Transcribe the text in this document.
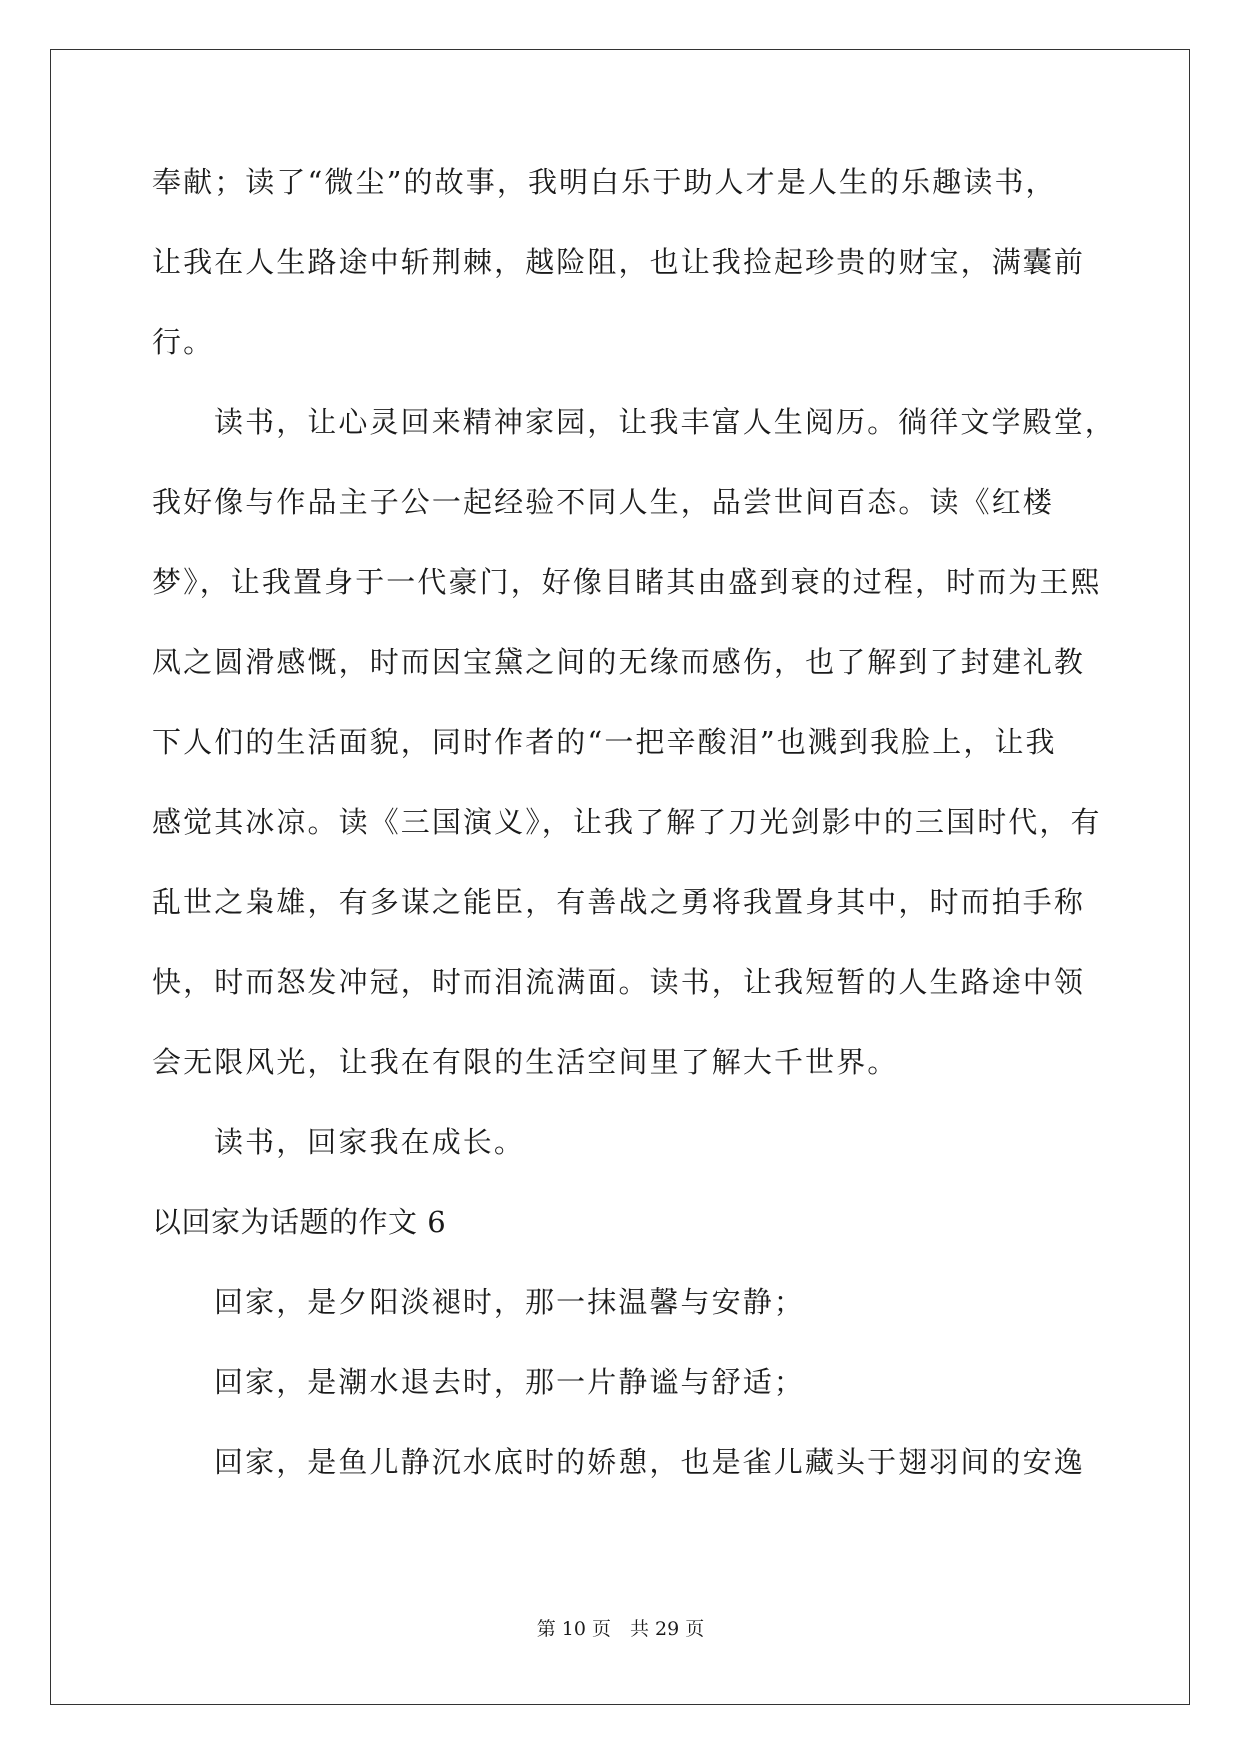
奉献；读了“微尘”的故事，我明白乐于助人才是人生的乐趣读书，
让我在人生路途中斩荆棘，越险阻，也让我捡起珍贵的财宝，满囊前
行。
读书，让心灵回来精神家园，让我丰富人生阅历。徜徉文学殿堂，
我好像与作品主子公一起经验不同人生，品尝世间百态。读《红楼
梦》，让我置身于一代豪门，好像目睹其由盛到衰的过程，时而为王熙
凤之圆滑感慨，时而因宝黛之间的无缘而感伤，也了解到了封建礼教
下人们的生活面貌，同时作者的“一把辛酸泪”也溅到我脸上，让我
感觉其冰凉。读《三国演义》，让我了解了刀光剑影中的三国时代，有
乱世之枭雄，有多谋之能臣，有善战之勇将我置身其中，时而拍手称
快，时而怒发冲冠，时而泪流满面。读书，让我短暂的人生路途中领
会无限风光，让我在有限的生活空间里了解大千世界。
读书，回家我在成长。
以回家为话题的作文 6
回家，是夕阳淡褪时，那一抹温馨与安静；
回家，是潮水退去时，那一片静谧与舒适；
回家，是鱼儿静沉水底时的娇憩，也是雀儿藏头于翅羽间的安逸
第 10 页　共 29 页
